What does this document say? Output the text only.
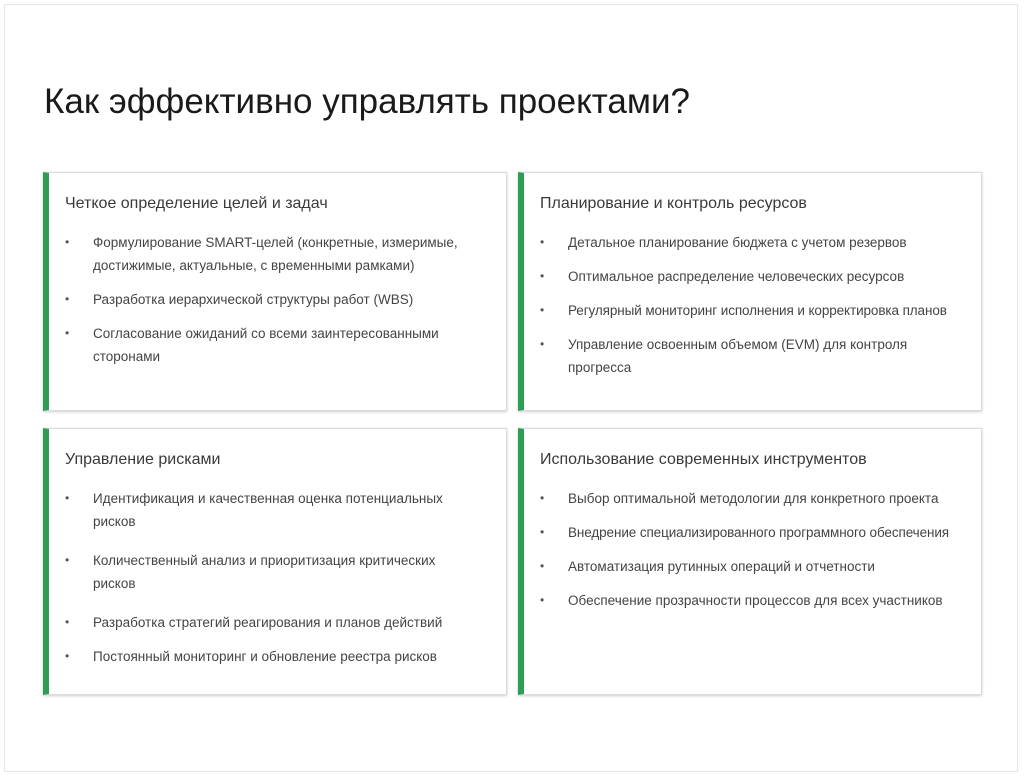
Как эффективно управлять проектами?
Четкое определение целей и задач
• Формулирование SMART-целей (конкретные, измеримые, достижимые, актуальные, с временными рамками)
• Разработка иерархической структуры работ (WBS)
• Согласование ожиданий со всеми заинтересованными сторонами
Планирование и контроль ресурсов
• Детальное планирование бюджета с учетом резервов
• Оптимальное распределение человеческих ресурсов
• Регулярный мониторинг исполнения и корректировка планов
• Управление освоенным объемом (EVM) для контроля прогресса
Управление рисками
• Идентификация и качественная оценка потенциальных рисков
• Количественный анализ и приоритизация критических рисков
• Разработка стратегий реагирования и планов действий
• Постоянный мониторинг и обновление реестра рисков
Использование современных инструментов
• Выбор оптимальной методологии для конкретного проекта
• Внедрение специализированного программного обеспечения
• Автоматизация рутинных операций и отчетности
• Обеспечение прозрачности процессов для всех участников
